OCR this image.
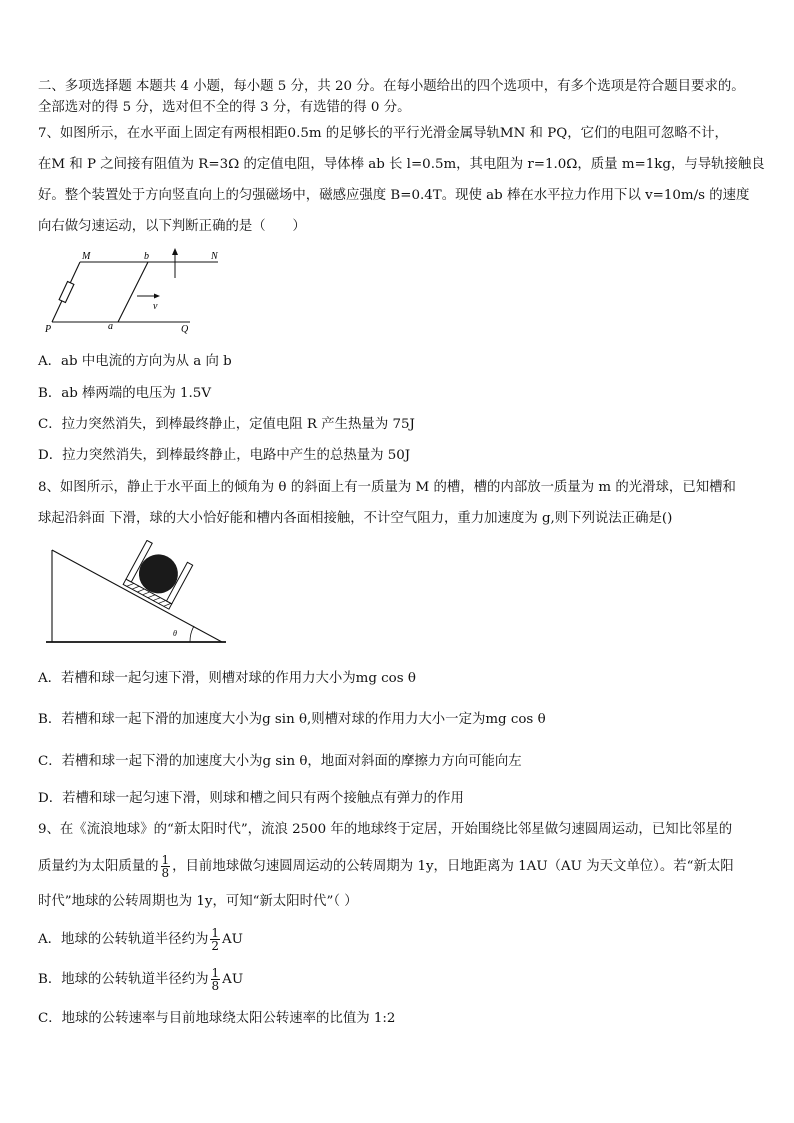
二、多项选择题 本题共 4 小题，每小题 5 分，共 20 分。在每小题给出的四个选项中，有多个选项是符合题目要求的。
全部选对的得 5 分，选对但不全的得 3 分，有选错的得 0 分。
7、如图所示，在水平面上固定有两根相距0.5m 的足够长的平行光滑金属导轨MN 和 PQ，它们的电阻可忽略不计，
在M 和 P 之间接有阻值为 R=3Ω 的定值电阻，导体棒 ab 长 l=0.5m，其电阻为 r=1.0Ω，质量 m=1kg，与导轨接触良
好。整个装置处于方向竖直向上的匀强磁场中，磁感应强度 B=0.4T。现使 ab 棒在水平拉力作用下以 v=10m/s 的速度
向右做匀速运动，以下判断正确的是（　　）
M	b	N
P	a	Q
v
A．ab 中电流的方向为从 a 向 b
B．ab 棒两端的电压为 1.5V
C．拉力突然消失，到棒最终静止，定值电阻 R 产生热量为 75J
D．拉力突然消失，到棒最终静止，电路中产生的总热量为 50J
8、如图所示，静止于水平面上的倾角为 θ 的斜面上有一质量为 M 的槽，槽的内部放一质量为 m 的光滑球，已知槽和
球起沿斜面 下滑，球的大小恰好能和槽内各面相接触，不计空气阻力，重力加速度为 g,则下列说法正确是()
θ
A．若槽和球一起匀速下滑，则槽对球的作用力大小为mg cos θ
B．若槽和球一起下滑的加速度大小为g sin θ,则槽对球的作用力大小一定为mg cos θ
C．若槽和球一起下滑的加速度大小为g sin θ，地面对斜面的摩擦力方向可能向左
D．若槽和球一起匀速下滑，则球和槽之间只有两个接触点有弹力的作用
9、在《流浪地球》的“新太阳时代”，流浪 2500 年的地球终于定居，开始围绕比邻星做匀速圆周运动，已知比邻星的
质量约为太阳质量的 $\frac{1}{8}$ ，目前地球做匀速圆周运动的公转周期为 1y，日地距离为 1AU（AU 为天文单位）。若“新太阳
时代”地球的公转周期也为 1y，可知“新太阳时代”（ ）
A．地球的公转轨道半径约为 $\frac{1}{2}$ AU
B．地球的公转轨道半径约为 $\frac{1}{8}$ AU
C．地球的公转速率与目前地球绕太阳公转速率的比值为 1:2
